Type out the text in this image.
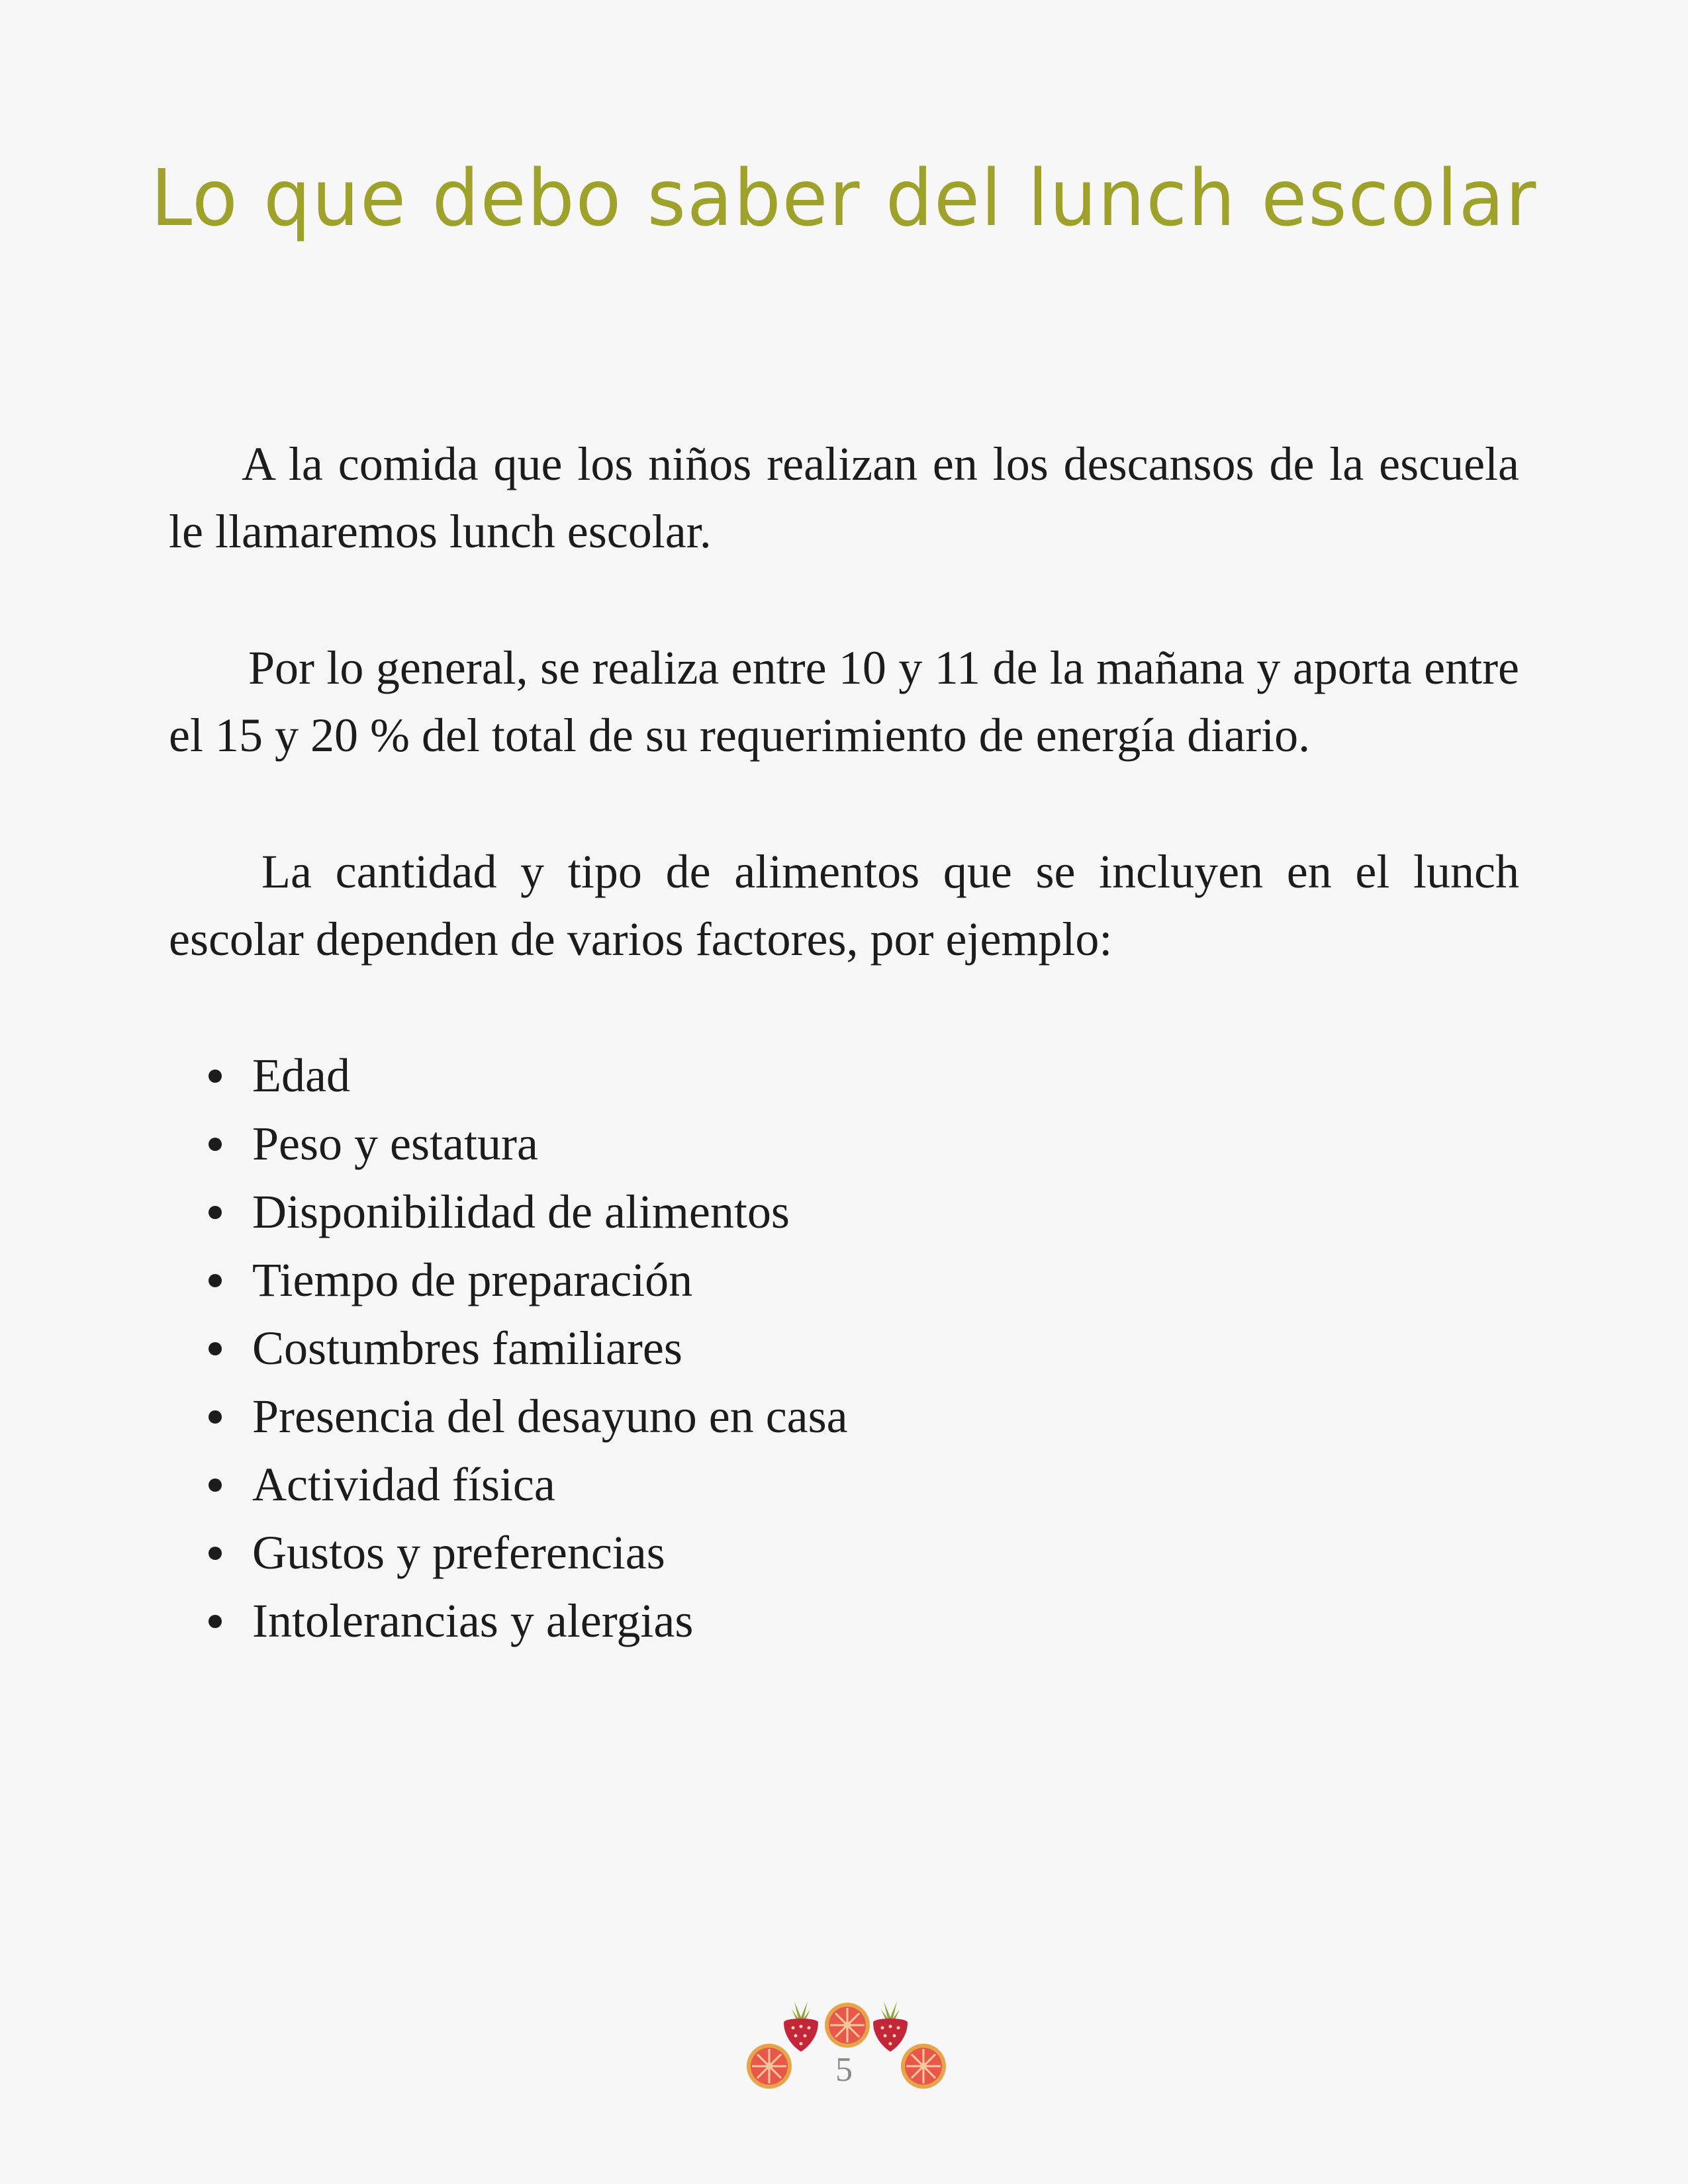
Lo que debo saber del lunch escolar

A la comida que los niños realizan en los descansos de la escuela le llamaremos lunch escolar.

Por lo general, se realiza entre 10 y 11 de la mañana y aporta entre el 15 y 20 % del total de su requerimiento de energía diario.

La cantidad y tipo de alimentos que se incluyen en el lunch escolar dependen de varios factores, por ejemplo:

Edad
Peso y estatura
Disponibilidad de alimentos
Tiempo de preparación
Costumbres familiares
Presencia del desayuno en casa
Actividad física
Gustos y preferencias
Intolerancias y alergias
5
